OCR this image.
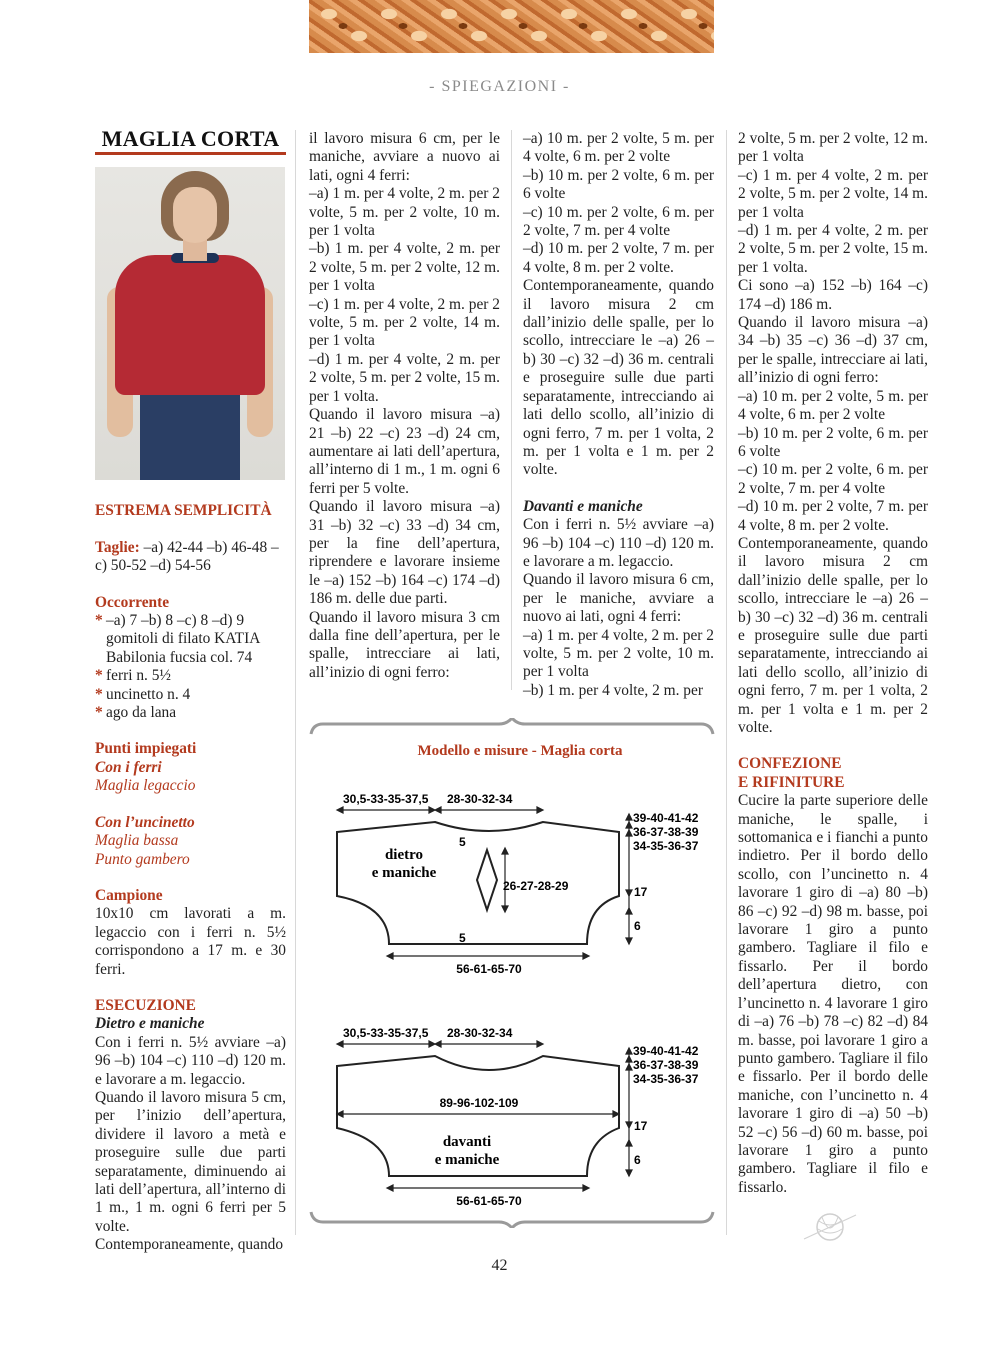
- SPIEGAZIONI -
MAGLIA CORTA

ESTREMA SEMPLICITÀ

Taglie: –a) 42-44 –b) 46-48 –c) 50-52 –d) 54-56

Occorrente

* –a) 7 –b) 8 –c) 8 –d) 9 gomitoli di filato KATIA Babilonia fucsia col. 74
* ferri n. 5½
* uncinetto n. 4
* ago da lana

Punti impiegati

Con i ferri

Maglia legaccio

Con l’uncinetto

Maglia bassa

Punto gambero

Campione

10x10 cm lavorati a m. legaccio con i ferri n. 5½ corrispondono a 17 m. e 30 ferri.

ESECUZIONE

Dietro e maniche

Con i ferri n. 5½ avviare –a) 96 –b) 104 –c) 110 –d) 120 m. e lavorare a m. legaccio.

Quando il lavoro misura 5 cm, per l’inizio dell’apertura, dividere il lavoro a metà e proseguire sulle due parti separatamente, diminuendo ai lati dell’apertura, all’interno di 1 m., 1 m. ogni 6 ferri per 5 volte.

Contemporaneamente, quando

il lavoro misura 6 cm, per le maniche, avviare a nuovo ai lati, ogni 4 ferri:

–a) 1 m. per 4 volte, 2 m. per 2 volte, 5 m. per 2 volte, 10 m. per 1 volta

–b) 1 m. per 4 volte, 2 m. per 2 volte, 5 m. per 2 volte, 12 m. per 1 volta

–c) 1 m. per 4 volte, 2 m. per 2 volte, 5 m. per 2 volte, 14 m. per 1 volta

–d) 1 m. per 4 volte, 2 m. per 2 volte, 5 m. per 2 volte, 15 m. per 1 volta.

Quando il lavoro misura –a) 21 –b) 22 –c) 23 –d) 24 cm, aumentare ai lati dell’apertura, all’interno di 1 m., 1 m. ogni 6 ferri per 5 volte.

Quando il lavoro misura –a) 31 –b) 32 –c) 33 –d) 34 cm, per la fine dell’apertura, riprendere e lavorare insieme le –a) 152 –b) 164 –c) 174 –d) 186 m. delle due parti.

Quando il lavoro misura 3 cm dalla fine dell’apertura, per le spalle, intrecciare ai lati, all’inizio di ogni ferro:

–a) 10 m. per 2 volte, 5 m. per 4 volte, 6 m. per 2 volte

–b) 10 m. per 2 volte, 6 m. per 6 volte

–c) 10 m. per 2 volte, 6 m. per 2 volte, 7 m. per 4 volte

–d) 10 m. per 2 volte, 7 m. per 4 volte, 8 m. per 2 volte.

Contemporaneamente, quando il lavoro misura 2 cm dall’inizio delle spalle, per lo scollo, intrecciare le –a) 26 –b) 30 –c) 32 –d) 36 m. centrali e proseguire sulle due parti separatamente, intrecciando ai lati dello scollo, all’inizio di ogni ferro, 7 m. per 1 volta, 2 m. per 1 volta e 1 m. per 2 volte.

Davanti e maniche

Con i ferri n. 5½ avviare –a) 96 –b) 104 –c) 110 –d) 120 m. e lavorare a m. legaccio.

Quando il lavoro misura 6 cm, per le maniche, avviare a nuovo ai lati, ogni 4 ferri:

–a) 1 m. per 4 volte, 2 m. per 2 volte, 5 m. per 2 volte, 10 m. per 1 volta

–b) 1 m. per 4 volte, 2 m. per

2 volte, 5 m. per 2 volte, 12 m. per 1 volta

–c) 1 m. per 4 volte, 2 m. per 2 volte, 5 m. per 2 volte, 14 m. per 1 volta

–d) 1 m. per 4 volte, 2 m. per 2 volte, 5 m. per 2 volte, 15 m. per 1 volta.

Ci sono –a) 152 –b) 164 –c) 174 –d) 186 m.

Quando il lavoro misura –a) 34 –b) 35 –c) 36 –d) 37 cm, per le spalle, intrecciare ai lati, all’inizio di ogni ferro:

–a) 10 m. per 2 volte, 5 m. per 4 volte, 6 m. per 2 volte

–b) 10 m. per 2 volte, 6 m. per 6 volte

–c) 10 m. per 2 volte, 6 m. per 2 volte, 7 m. per 4 volte

–d) 10 m. per 2 volte, 7 m. per 4 volte, 8 m. per 2 volte.

Contemporaneamente, quando il lavoro misura 2 cm dall’inizio delle spalle, per lo scollo, intrecciare le –a) 26 –b) 30 –c) 32 –d) 36 m. centrali e proseguire sulle due parti separatamente, intrecciando ai lati dello scollo, all’inizio di ogni ferro, 7 m. per 1 volta, 2 m. per 1 volta e 1 m. per 2 volte.

CONFEZIONE

E RIFINITURE

Cucire la parte superiore delle maniche, le spalle, i sottomanica e i fianchi a punto indietro. Per il bordo dello scollo, con l’uncinetto n. 4 lavorare 1 giro di –a) 80 –b) 86 –c) 92 –d) 98 m. basse, poi lavorare 1 giro a punto gambero. Tagliare il filo e fissarlo. Per il bordo dell’apertura dietro, con l’uncinetto n. 4 lavorare 1 giro di –a) 76 –b) 78 –c) 82 –d) 84 m. basse, poi lavorare 1 giro a punto gambero. Tagliare il filo e fissarlo. Per il bordo delle maniche, con l’uncinetto n. 4 lavorare 1 giro di –a) 50 –b) 52 –c) 56 –d) 60 m. basse, poi lavorare 1 giro a punto gambero. Tagliare il filo e fissarlo.

Modello e misure - Maglia corta
30,5-33-35-37,5 28-30-32-34
39-40-41-42
36-37-38-39
34-35-36-37
dietro
e maniche
5
5
26-27-28-29	17
6
56-61-65-70
30,5-33-35-37,5 28-30-32-34
39-40-41-42
36-37-38-39
34-35-36-37
89-96-102-109
davanti
e maniche
17
6
56-61-65-70
42
